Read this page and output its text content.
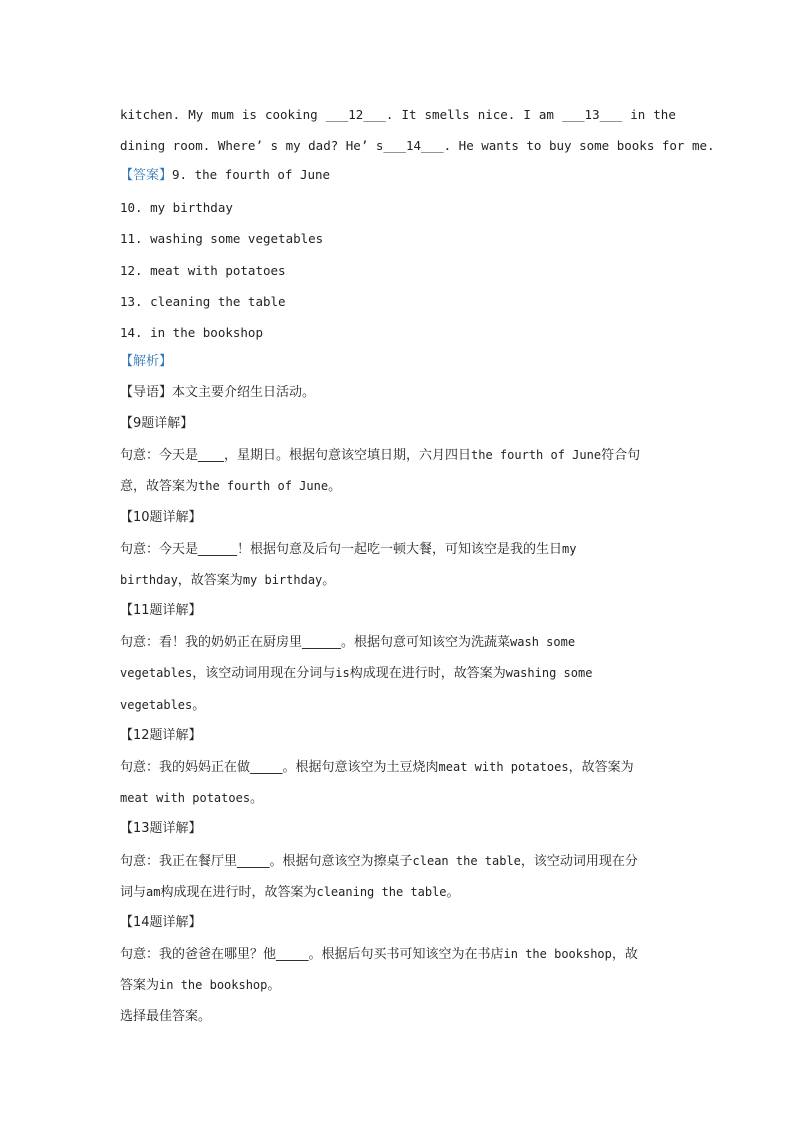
kitchen. My mum is cooking ___12___. It smells nice. I am ___13___ in the
dining room. Where’ s my dad? He’ s___14___. He wants to buy some books for me.
【答案】9. the fourth of June
10. my birthday
11. washing some vegetables
12. meat with potatoes
13. cleaning the table
14. in the bookshop
【解析】
【导语】本文主要介绍生日活动。
【9题详解】
句意：今天是____，星期日。根据句意该空填日期，六月四日the fourth of June符合句
意，故答案为the fourth of June。
【10题详解】
句意：今天是______！根据句意及后句一起吃一顿大餐，可知该空是我的生日my
birthday，故答案为my birthday。
【11题详解】
句意：看！我的奶奶正在厨房里______。根据句意可知该空为洗蔬菜wash some
vegetables，该空动词用现在分词与is构成现在进行时，故答案为washing some
vegetables。
【12题详解】
句意：我的妈妈正在做_____。根据句意该空为土豆烧肉meat with potatoes，故答案为
meat with potatoes。
【13题详解】
句意：我正在餐厅里_____。根据句意该空为擦桌子clean the table，该空动词用现在分
词与am构成现在进行时，故答案为cleaning the table。
【14题详解】
句意：我的爸爸在哪里？他_____。根据后句买书可知该空为在书店in the bookshop，故
答案为in the bookshop。
选择最佳答案。
